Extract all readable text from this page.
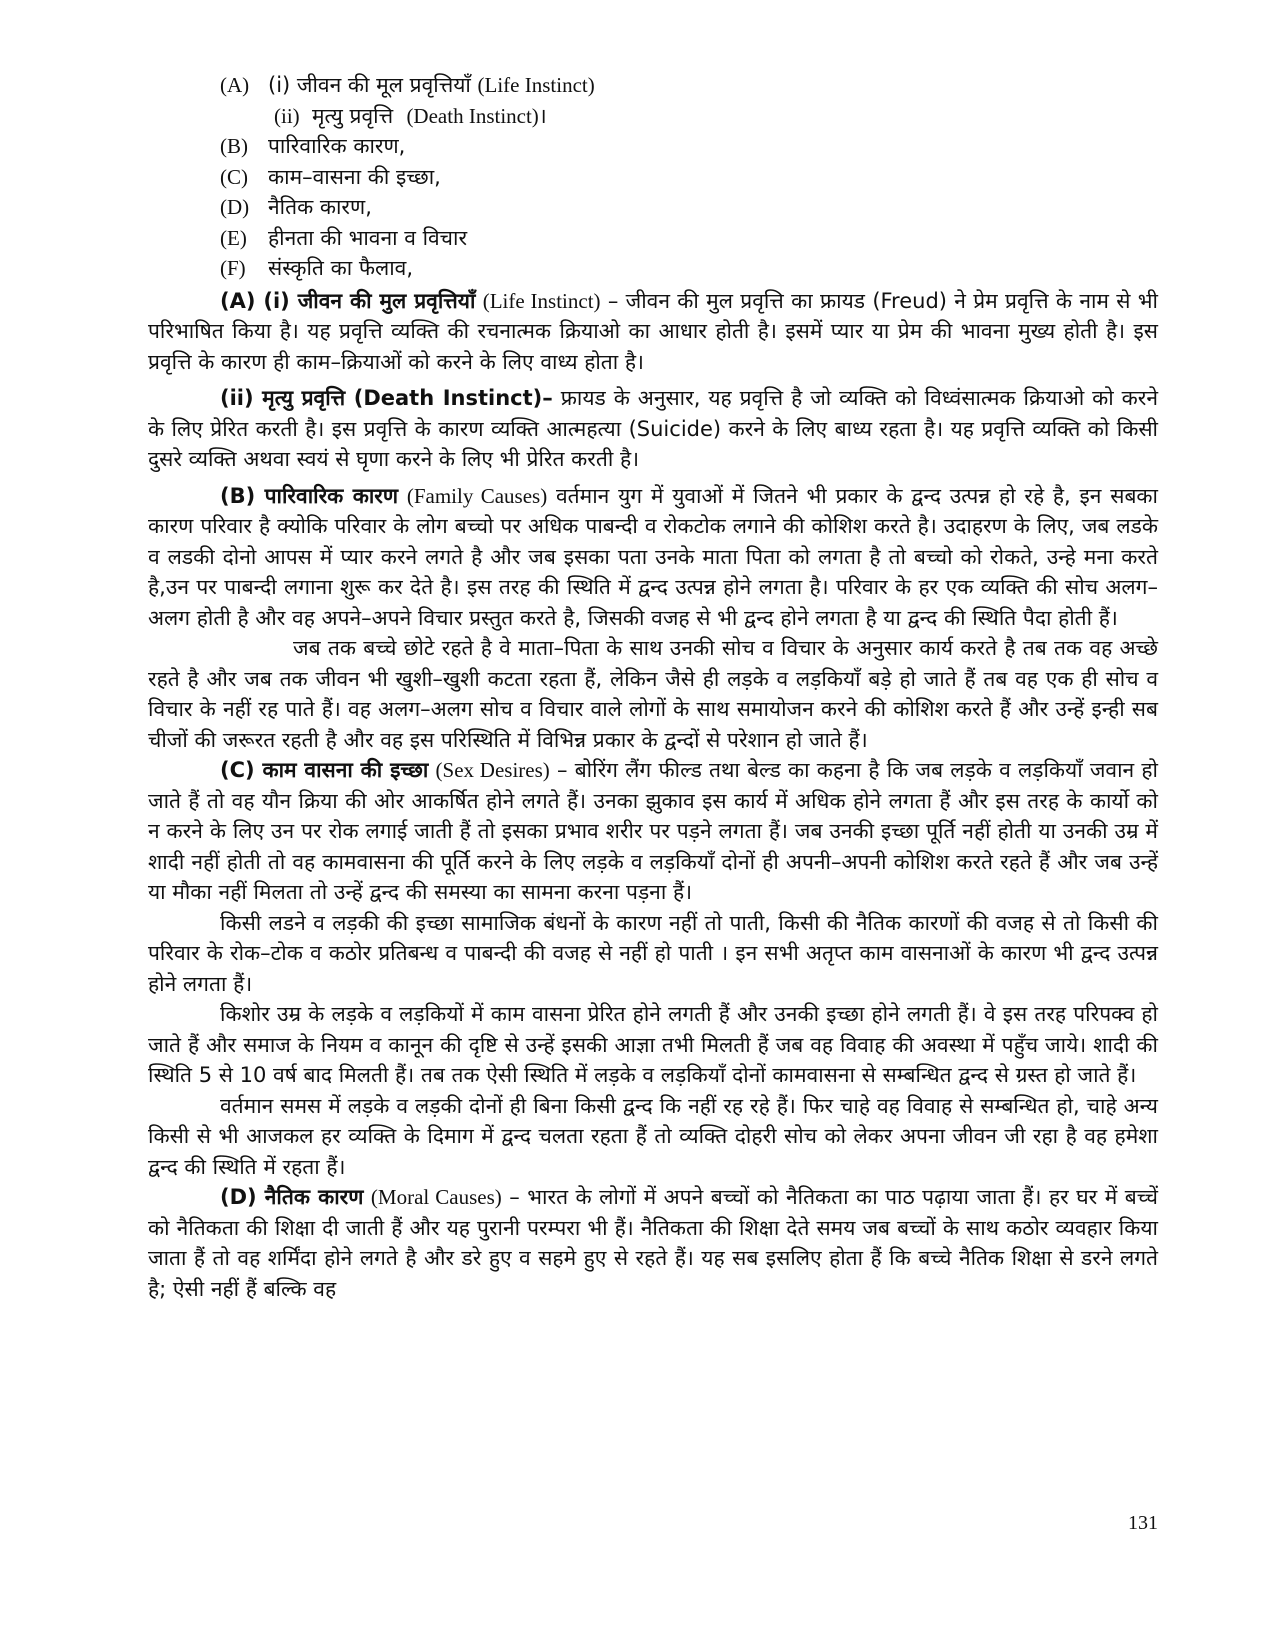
(A) (i) जीवन की मूल प्रवृत्तियाँ (Life Instinct)
(ii) मृत्यु प्रवृत्ति (Death Instinct)।
(B) पारिवारिक कारण,
(C) काम–वासना की इच्छा,
(D) नैतिक कारण,
(E)	हीनता की भावना व विचार
(F)	संस्कृति का फैलाव,

(A) (i) जीवन की मुल प्रवृत्तियॉं (Life Instinct) – जीवन की मुल प्रवृत्ति का फ्रायड (Freud) ने प्रेम प्रवृत्ति के नाम से भी परिभाषित किया है। यह प्रवृत्ति व्यक्ति की रचनात्मक क्रियाओ का आधार होती है। इसमें प्यार या प्रेम की भावना मुख्य होती है। इस प्रवृत्ति के कारण ही काम–क्रियाओं को करने के लिए वाध्य होता है।

(ii) मृत्यु प्रवृत्ति (Death Instinct)– फ्रायड के अनुसार, यह प्रवृत्ति है जो व्यक्ति को विध्वंसात्मक क्रियाओ को करने के लिए प्रेरित करती है। इस प्रवृत्ति के कारण व्यक्ति आत्महत्या (Suicide) करने के लिए बाध्य रहता है। यह प्रवृत्ति व्यक्ति को किसी दुसरे व्यक्ति अथवा स्वयं से घृणा करने के लिए भी प्रेरित करती है।

(B) पारिवारिक कारण (Family Causes) वर्तमान युग में युवाओं में जितने भी प्रकार के द्वन्द उत्पन्न हो रहे है, इन सबका कारण परिवार है क्योकि परिवार के लोग बच्चो पर अधिक पाबन्दी व रोकटोक लगाने की कोशिश करते है। उदाहरण के लिए, जब लडके व लडकी दोनो आपस में प्यार करने लगते है और जब इसका पता उनके माता पिता को लगता है तो बच्चो को रोकते, उन्हे मना करते है,उन पर पाबन्दी लगाना शुरू कर देते है। इस तरह की स्थिति में द्वन्द उत्पन्न होने लगता है। परिवार के हर एक व्यक्ति की सोच अलग–अलग होती है और वह अपने–अपने विचार प्रस्तुत करते है, जिसकी वजह से भी द्वन्द होने लगता है या द्वन्द की स्थिति पैदा होती हैं।

जब तक बच्चे छोटे रहते है वे माता–पिता के साथ उनकी सोच व विचार के अनुसार कार्य करते है तब तक वह अच्छे रहते है और जब तक जीवन भी खुशी–खुशी कटता रहता हैं, लेकिन जैसे ही लड़के व लड़कियॉं बड़े हो जाते हैं तब वह एक ही सोच व विचार के नहीं रह पाते हैं। वह अलग–अलग सोच व विचार वाले लोगों के साथ समायोजन करने की कोशिश करते हैं और उन्हें इन्ही सब चीजों की जरूरत रहती है और वह इस परिस्थिति में विभिन्न प्रकार के द्वन्दों से परेशान हो जाते हैं।

(C) काम वासना की इच्छा (Sex Desires) – बोरिंग लैंग फील्ड तथा बेल्ड का कहना है कि जब लड़के व लड़कियॉं जवान हो जाते हैं तो वह यौन क्रिया की ओर आकर्षित होने लगते हैं। उनका झुकाव इस कार्य में अधिक होने लगता हैं और इस तरह के कार्यो को न करने के लिए उन पर रोक लगाई जाती हैं तो इसका प्रभाव शरीर पर पड़ने लगता हैं। जब उनकी इच्छा पूर्ति नहीं होती या उनकी उम्र में शादी नहीं होती तो वह कामवासना की पूर्ति करने के लिए लड़के व लड़कियॉं दोनों ही अपनी–अपनी कोशिश करते रहते हैं और जब उन्हें या मौका नहीं मिलता तो उन्हें द्वन्द की समस्या का सामना करना पड़ना हैं।

किसी लडने व लड़की की इच्छा सामाजिक बंधनों के कारण नहीं तो पाती, किसी की नैतिक कारणों की वजह से तो किसी की परिवार के रोक–टोक व कठोर प्रतिबन्ध व पाबन्दी की वजह से नहीं हो पाती । इन सभी अतृप्त काम वासनाओं के कारण भी द्वन्द उत्पन्न होने लगता हैं।

किशोर उम्र के लड़के व लड़कियों में काम वासना प्रेरित होने लगती हैं और उनकी इच्छा होने लगती हैं। वे इस तरह परिपक्व हो जाते हैं और समाज के नियम व कानून की दृष्टि से उन्हें इसकी आज्ञा तभी मिलती हैं जब वह विवाह की अवस्था में पहुँच जाये। शादी की स्थिति 5 से 10 वर्ष बाद मिलती हैं। तब तक ऐसी स्थिति में लड़के व लड़कियॉं दोनों कामवासना से सम्बन्धित द्वन्द से ग्रस्त हो जाते हैं।

वर्तमान समस में लड़के व लड़की दोनों ही बिना किसी द्वन्द कि नहीं रह रहे हैं। फिर चाहे वह विवाह से सम्बन्धित हो, चाहे अन्य किसी से भी आजकल हर व्यक्ति के दिमाग में द्वन्द चलता रहता हैं तो व्यक्ति दोहरी सोच को लेकर अपना जीवन जी रहा है वह हमेशा द्वन्द की स्थिति में रहता हैं।

(D) नैतिक कारण (Moral Causes) – भारत के लोगों में अपने बच्चों को नैतिकता का पाठ पढ़ाया जाता हैं। हर घर में बच्चें को नैतिकता की शिक्षा दी जाती हैं और यह पुरानी परम्परा भी हैं। नैतिकता की शिक्षा देते समय जब बच्चों के साथ कठोर व्यवहार किया जाता हैं तो वह शर्मिंदा होने लगते है और डरे हुए व सहमे हुए से रहते हैं। यह सब इसलिए होता हैं कि बच्चे नैतिक शिक्षा से डरने लगते है; ऐसी नहीं हैं बल्कि वह

131
